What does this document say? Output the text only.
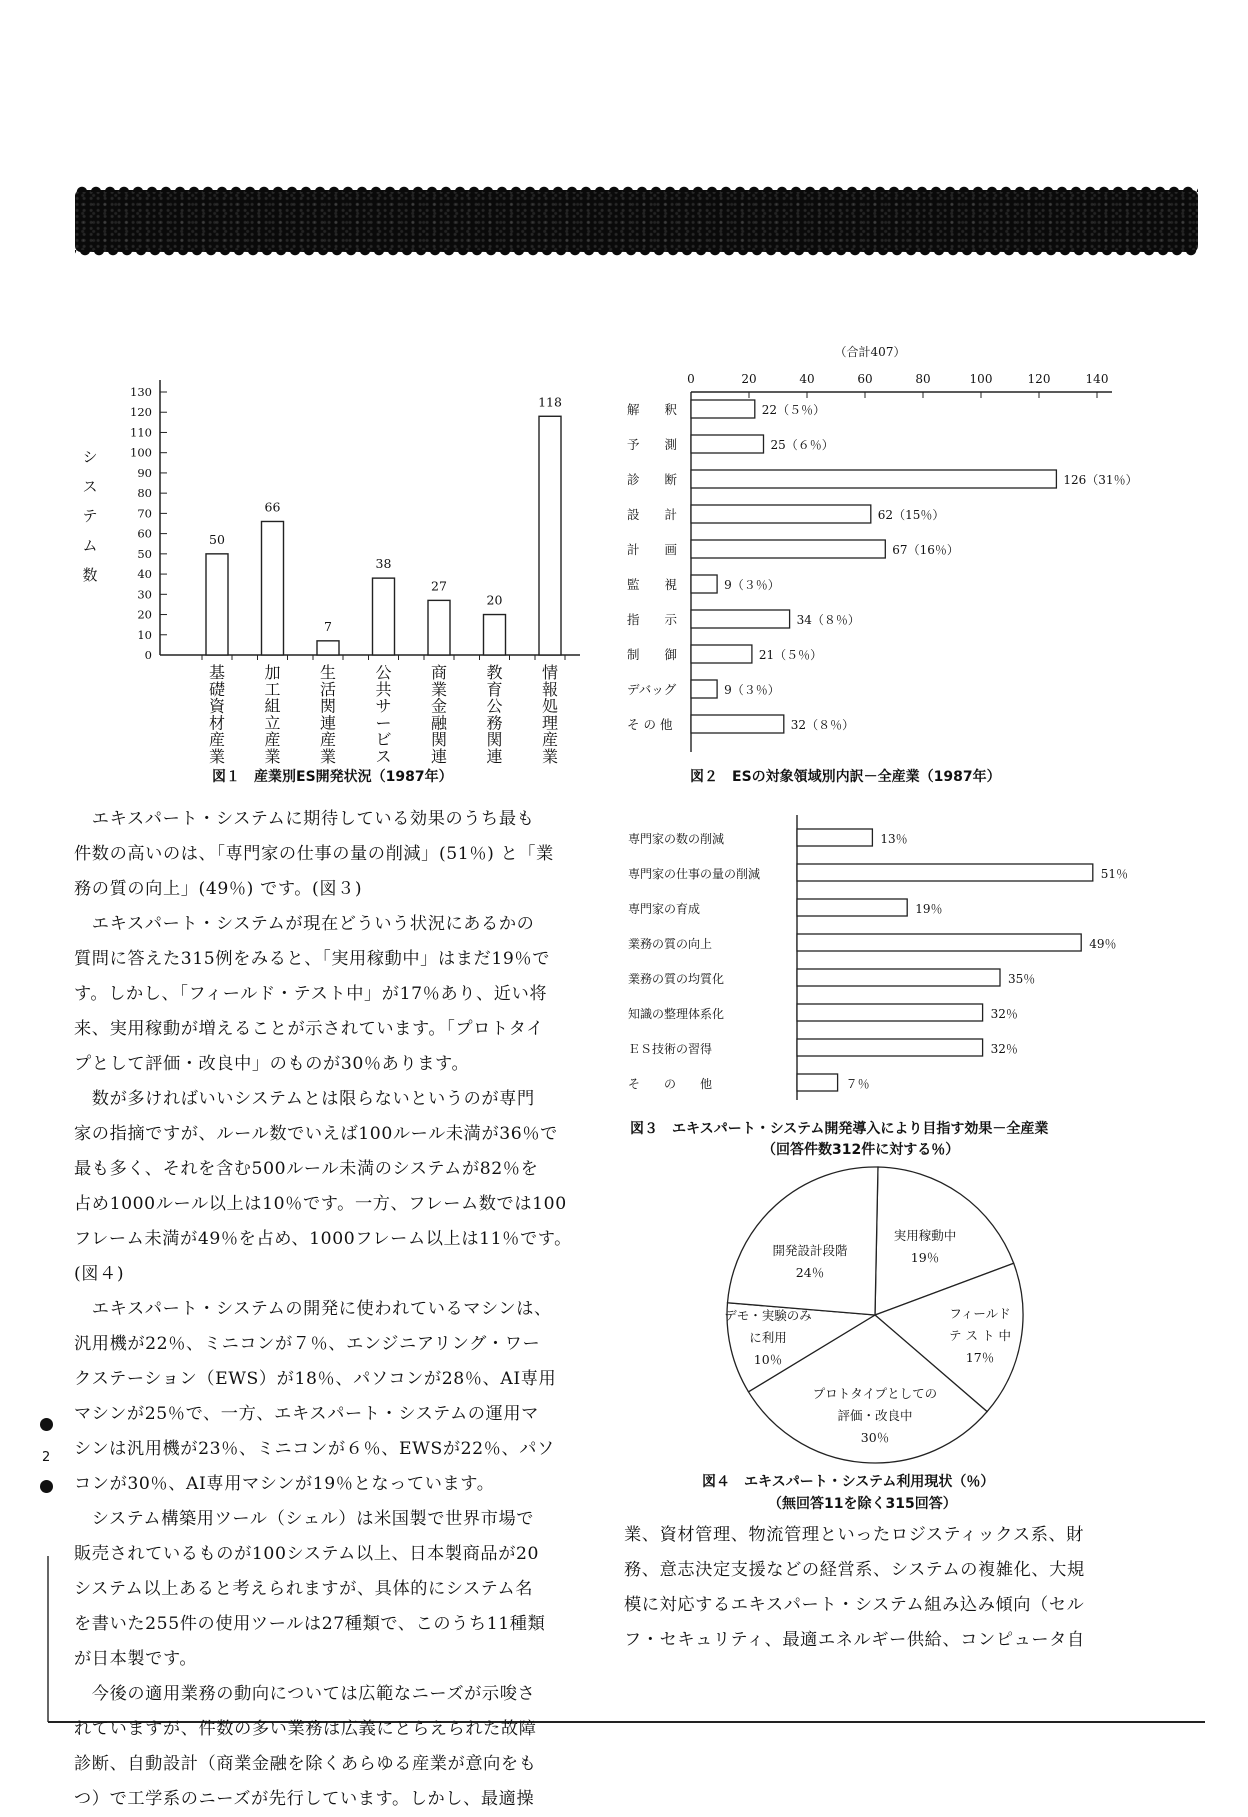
0
10
20
30
40
50
60
70
80
90
100
110
120
130
シ
ス
テ
ム
数
50
基
礎
資
材
産
業
66
加
工
組
立
産
業
7
生
活
関
連
産
業
38
公
共
サ
ー
ビ
ス
27
商
業
金
融
関
連
20
教
育
公
務
関
連
118
情
報
処
理
産
業
（合計407）
0	20	40	60	80	100	120	140
22（５％）
解　　釈
25（６％）
予　　測
126（31％）
診　　断
62（15％）
設　　計
67（16％）
計　　画
9（３％）
監　　視
34（８％）
指　　示
21（５％）
制　　御
9（３％）
デバッグ
32（８％）
そ の 他
13％
専門家の数の削減
51％
専門家の仕事の量の削減
19％
専門家の育成
49％
業務の質の向上
35％
業務の質の均質化
32％
知識の整理体系化
32％
ＥＳ技術の習得
７％
そ　　の　　他
実用稼動中
19％
フィールド
テ ス ト 中
17％
プロトタイプとしての
評価・改良中
30％
デモ・実験のみ
に利用
10％
開発設計段階
24％
図１　産業別ES開発状況（1987年）	図２　ESの対象領域別内訳－全産業（1987年）
図３　エキスパート・システム開発導入により目指す効果－全産業
（回答件数312件に対する％）
図４　エキスパート・システム利用現状（％）
（無回答11を除く315回答）
　エキスパート・システムに期待している効果のうち最も
件数の高いのは、「専門家の仕事の量の削減」(51％) と「業
務の質の向上」(49％) です。(図３)
　エキスパート・システムが現在どういう状況にあるかの
質問に答えた315例をみると、「実用稼動中」はまだ19％で
す。しかし、「フィールド・テスト中」が17％あり、近い将
来、実用稼動が増えることが示されています。「プロトタイ
プとして評価・改良中」のものが30％あります。
　数が多ければいいシステムとは限らないというのが専門
家の指摘ですが、ルール数でいえば100ルール未満が36％で
最も多く、それを含む500ルール未満のシステムが82％を
占め1000ルール以上は10％です。一方、フレーム数では100
フレーム未満が49％を占め、1000フレーム以上は11％です。
(図４)
　エキスパート・システムの開発に使われているマシンは、
汎用機が22％、ミニコンが７％、エンジニアリング・ワー
クステーション（EWS）が18％、パソコンが28％、AI専用
マシンが25％で、一方、エキスパート・システムの運用マ
シンは汎用機が23％、ミニコンが６％、EWSが22％、パソ
コンが30％、AI専用マシンが19％となっています。
　システム構築用ツール（シェル）は米国製で世界市場で
販売されているものが100システム以上、日本製商品が20
システム以上あると考えられますが、具体的にシステム名
を書いた255件の使用ツールは27種類で、このうち11種類
が日本製です。
　今後の適用業務の動向については広範なニーズが示唆さ
れていますが、件数の多い業務は広義にとらえられた故障
診断、自動設計（商業金融を除くあらゆる産業が意向をも
つ）で工学系のニーズが先行しています。しかし、最適操
業、資材管理、物流管理といったロジスティックス系、財
務、意志決定支援などの経営系、システムの複雑化、大規
模に対応するエキスパート・システム組み込み傾向（セル
フ・セキュリティ、最適エネルギー供給、コンピュータ自
2
